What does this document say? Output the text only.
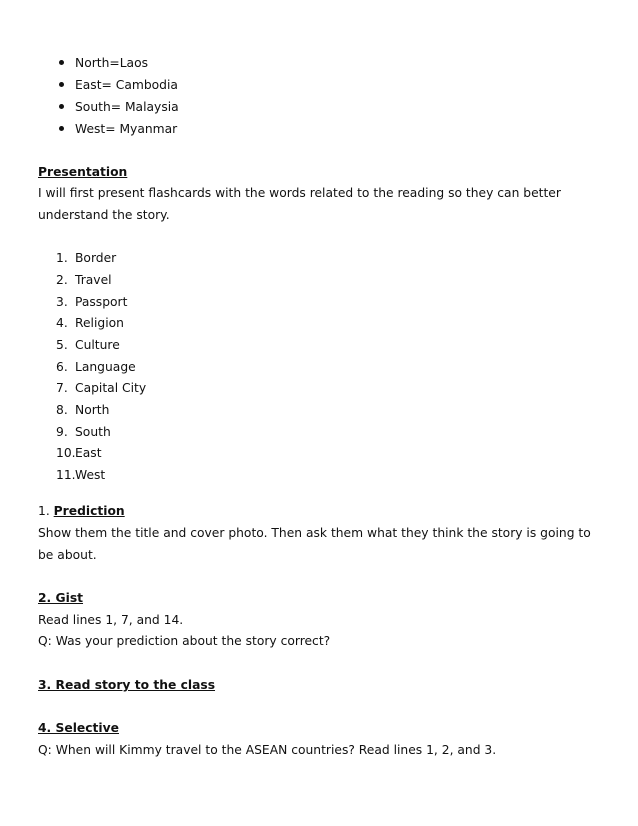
North=Laos
East= Cambodia
South= Malaysia
West= Myanmar
Presentation
I will first present flashcards with the words related to the reading so they can better understand the story.
1. Border
2. Travel
3. Passport
4. Religion
5. Culture
6. Language
7. Capital City
8. North
9. South
10. East
11. West
1. Prediction
Show them the title and cover photo. Then ask them what they think the story is going to be about.
2. Gist
Read lines 1, 7, and 14.
Q: Was your prediction about the story correct?
3. Read story to the class
4. Selective
Q: When will Kimmy travel to the ASEAN countries? Read lines 1, 2, and 3.
